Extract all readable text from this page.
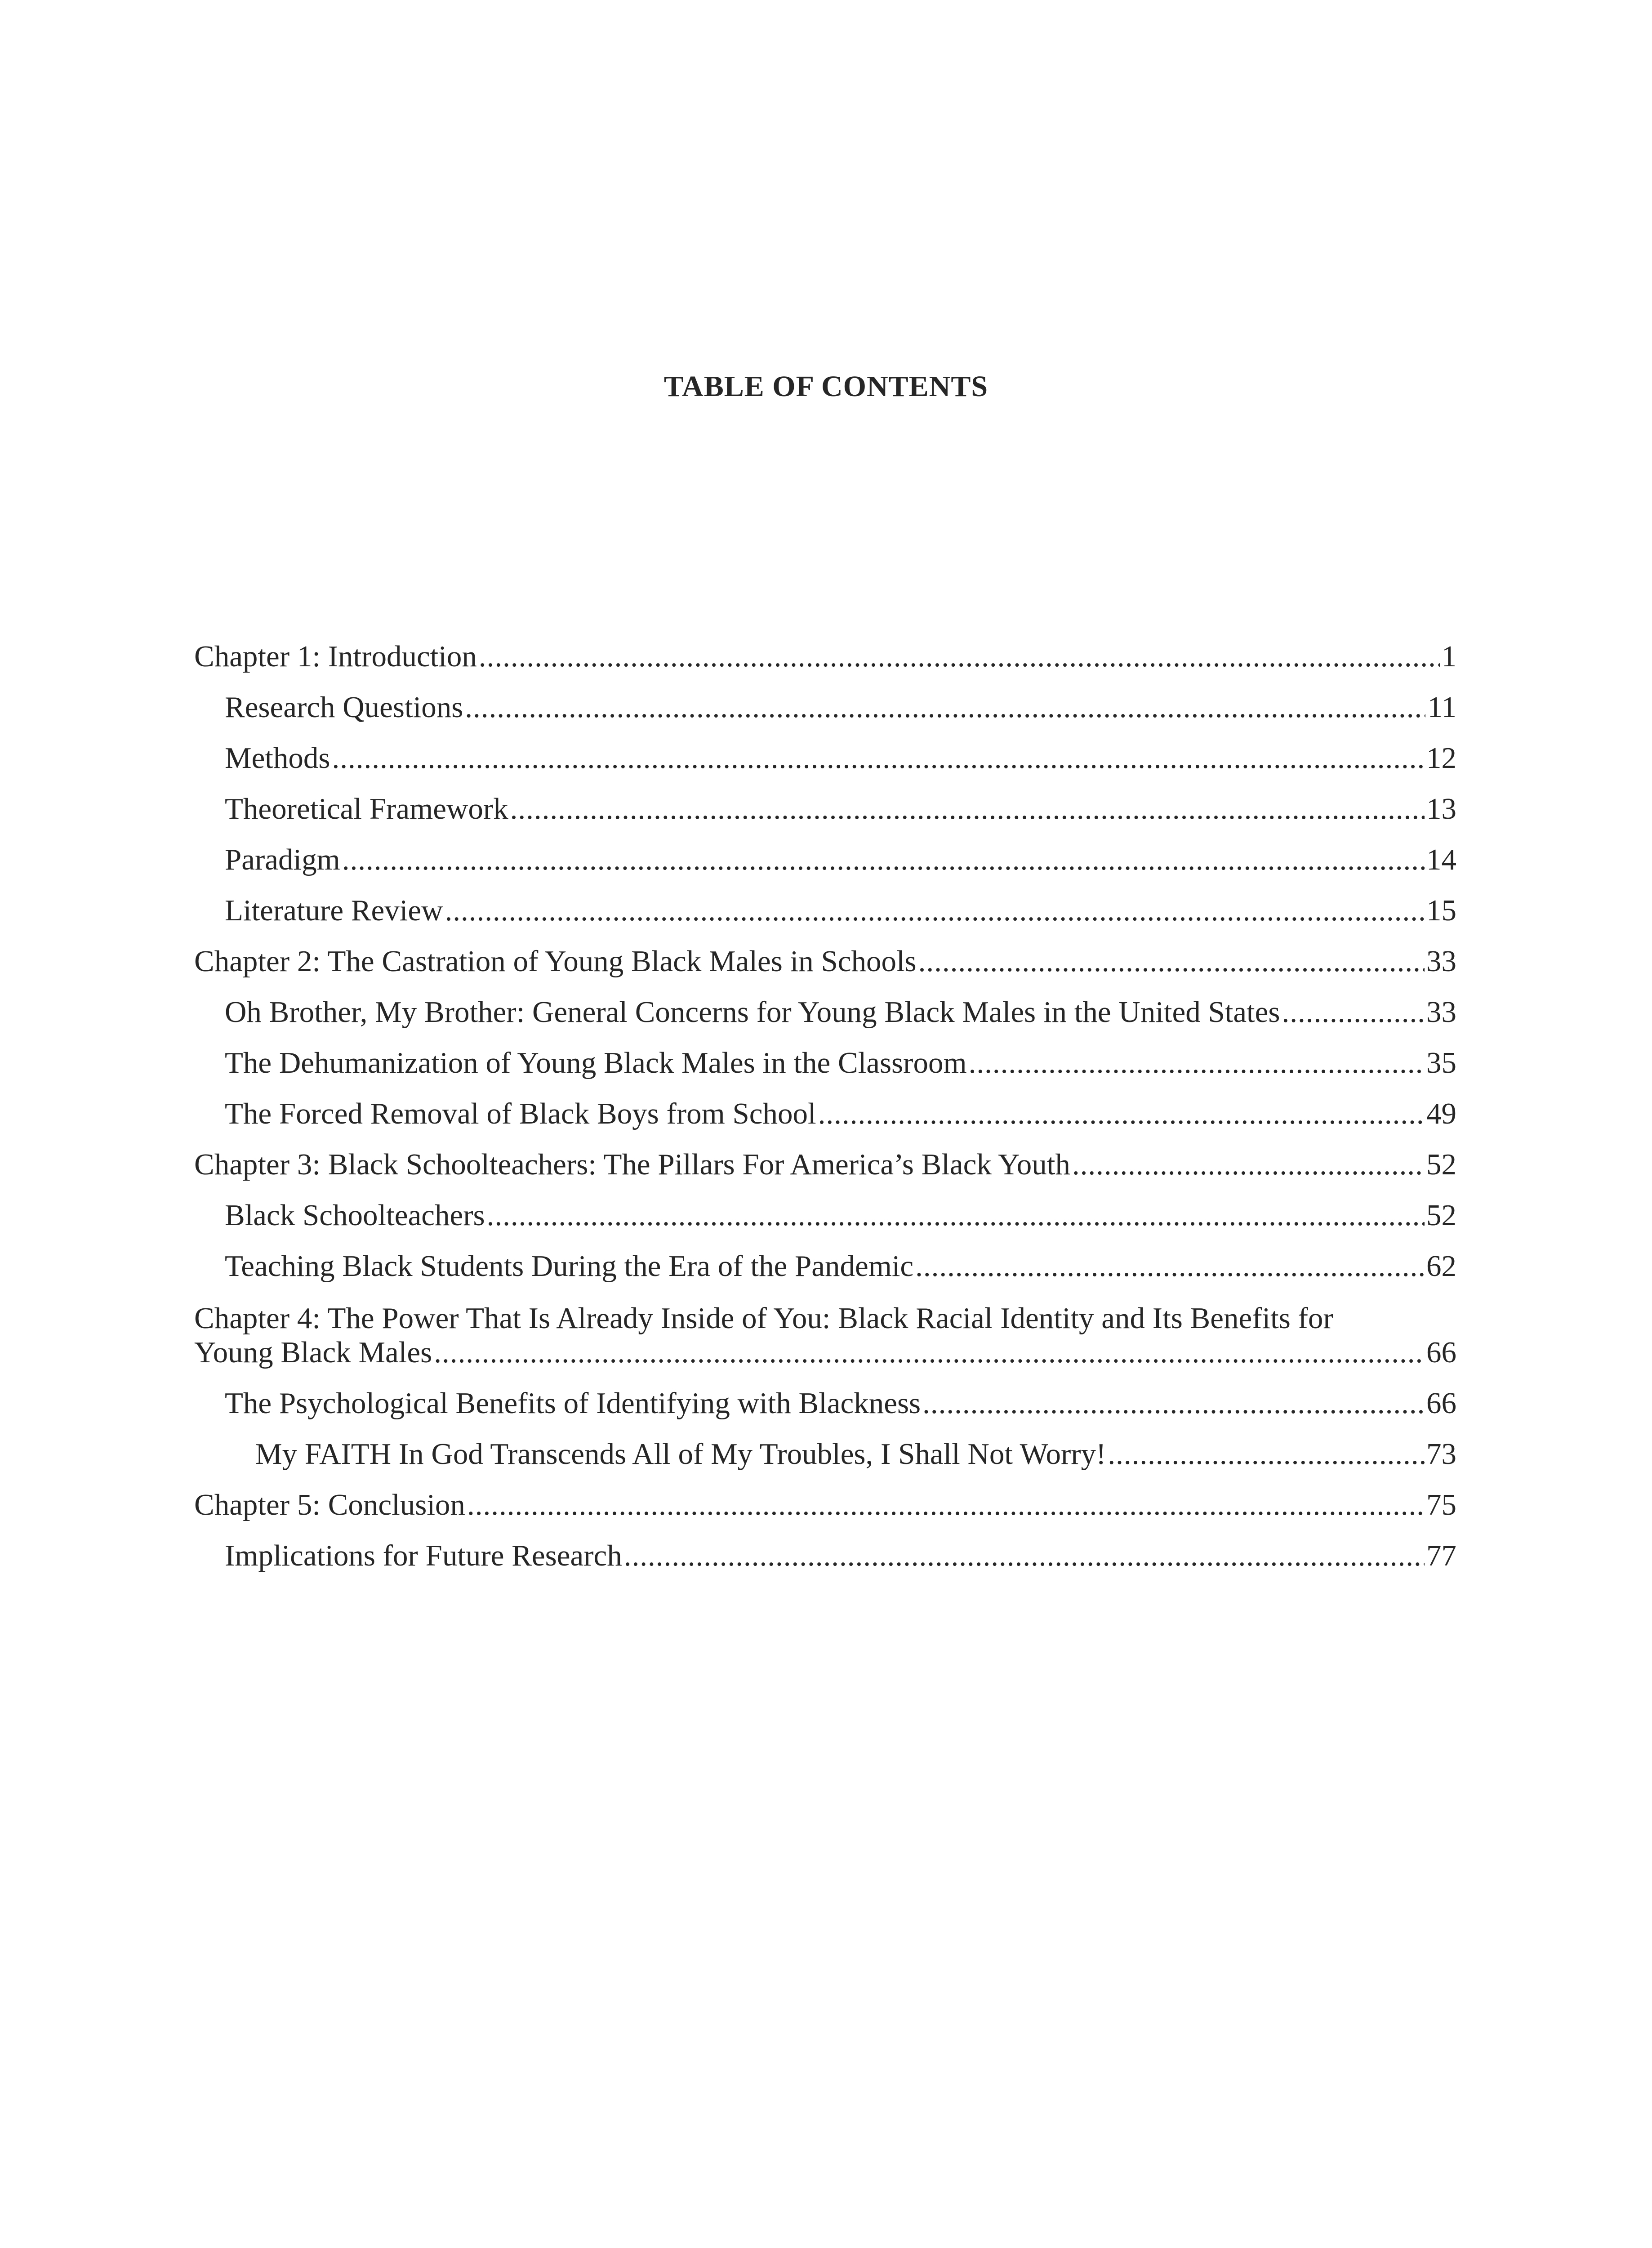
TABLE OF CONTENTS
Chapter 1: Introduction .....	1
Research Questions .....	11
Methods .....	12
Theoretical Framework .....	13
Paradigm .....	14
Literature Review .....	15
Chapter 2: The Castration of Young Black Males in Schools .....	33
Oh Brother, My Brother: General Concerns for Young Black Males in the United States .....	33
The Dehumanization of Young Black Males in the Classroom .....	35
The Forced Removal of Black Boys from School .....	49
Chapter 3: Black Schoolteachers: The Pillars For America’s Black Youth .....	52
Black Schoolteachers .....	52
Teaching Black Students During the Era of the Pandemic .....	62
Chapter 4: The Power That Is Already Inside of You: Black Racial Identity and Its Benefits for
Young Black Males .....	66
The Psychological Benefits of Identifying with Blackness .....	66
My FAITH In God Transcends All of My Troubles, I Shall Not Worry! .....	73
Chapter 5: Conclusion .....	75
Implications for Future Research .....	77
